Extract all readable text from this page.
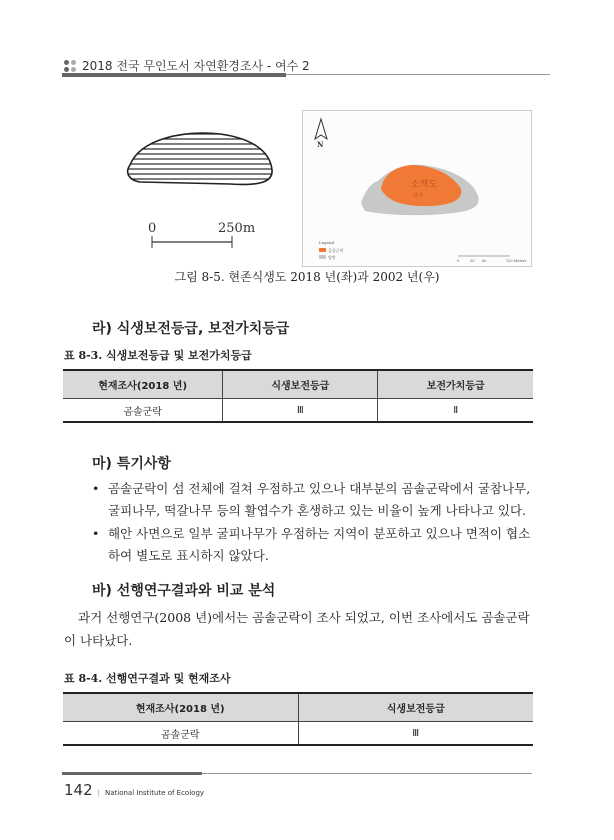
2018 전국 무인도서 자연환경조사 - 여수 2
0	250m
N
소책도
과거
Legend
곰솔군락
암반
0	30 60	120 Meters
그림 8-5. 현존식생도 2018 년(좌)과 2002 년(우)
라) 식생보전등급, 보전가치등급
표 8-3. 식생보전등급 및 보전가치등급
현재조사(2018 년)	식생보전등급	보전가치등급
곰솔군락	Ⅲ	Ⅱ
마) 특기사항
• 곰솔군락이 섬 전체에 걸쳐 우점하고 있으나 대부분의 곰솔군락에서 굴참나무, 굴피나무, 떡갈나무 등의 활엽수가 혼생하고 있는 비율이 높게 나타나고 있다.
• 해안 사면으로 일부 굴피나무가 우점하는 지역이 분포하고 있으나 면적이 협소하여 별도로 표시하지 않았다.
바) 선행연구결과와 비교 분석
과거 선행연구(2008 년)에서는 곰솔군락이 조사 되었고, 이번 조사에서도 곰솔군락이 나타났다.
표 8-4. 선행연구결과 및 현재조사
현재조사(2018 년)	식생보전등급
곰솔군락	Ⅲ
142 | National Institute of Ecology
